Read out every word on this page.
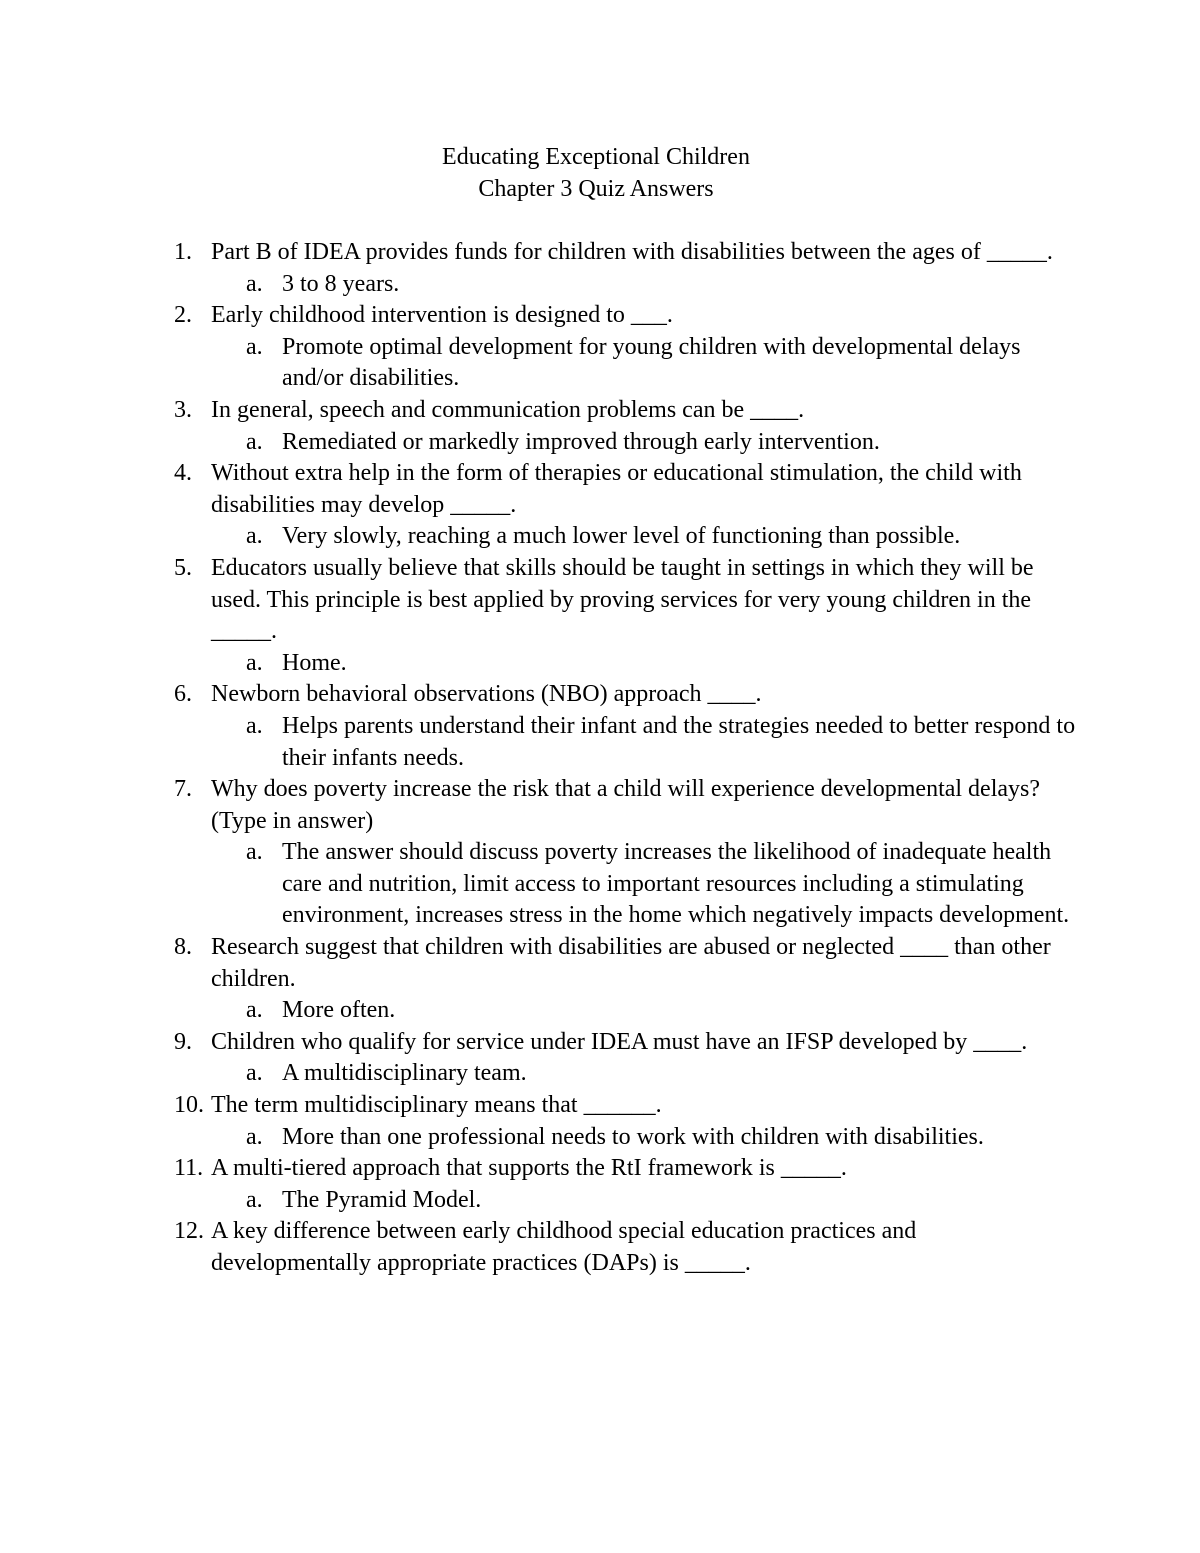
Educating Exceptional Children
Chapter 3 Quiz Answers
1. Part B of IDEA provides funds for children with disabilities between the ages of _____.
a. 3 to 8 years.
2. Early childhood intervention is designed to ___.
a. Promote optimal development for young children with developmental delays and/or disabilities.
3. In general, speech and communication problems can be ____.
a. Remediated or markedly improved through early intervention.
4. Without extra help in the form of therapies or educational stimulation, the child with disabilities may develop _____.
a. Very slowly, reaching a much lower level of functioning than possible.
5. Educators usually believe that skills should be taught in settings in which they will be used. This principle is best applied by proving services for very young children in the _____.
a. Home.
6. Newborn behavioral observations (NBO) approach ____.
a. Helps parents understand their infant and the strategies needed to better respond to their infants needs.
7. Why does poverty increase the risk that a child will experience developmental delays? (Type in answer)
a. The answer should discuss poverty increases the likelihood of inadequate health care and nutrition, limit access to important resources including a stimulating environment, increases stress in the home which negatively impacts development.
8. Research suggest that children with disabilities are abused or neglected ____ than other children.
a. More often.
9. Children who qualify for service under IDEA must have an IFSP developed by ____.
a. A multidisciplinary team.
10. The term multidisciplinary means that ______.
a. More than one professional needs to work with children with disabilities.
11. A multi-tiered approach that supports the RtI framework is _____.
a. The Pyramid Model.
12. A key difference between early childhood special education practices and developmentally appropriate practices (DAPs) is _____.
